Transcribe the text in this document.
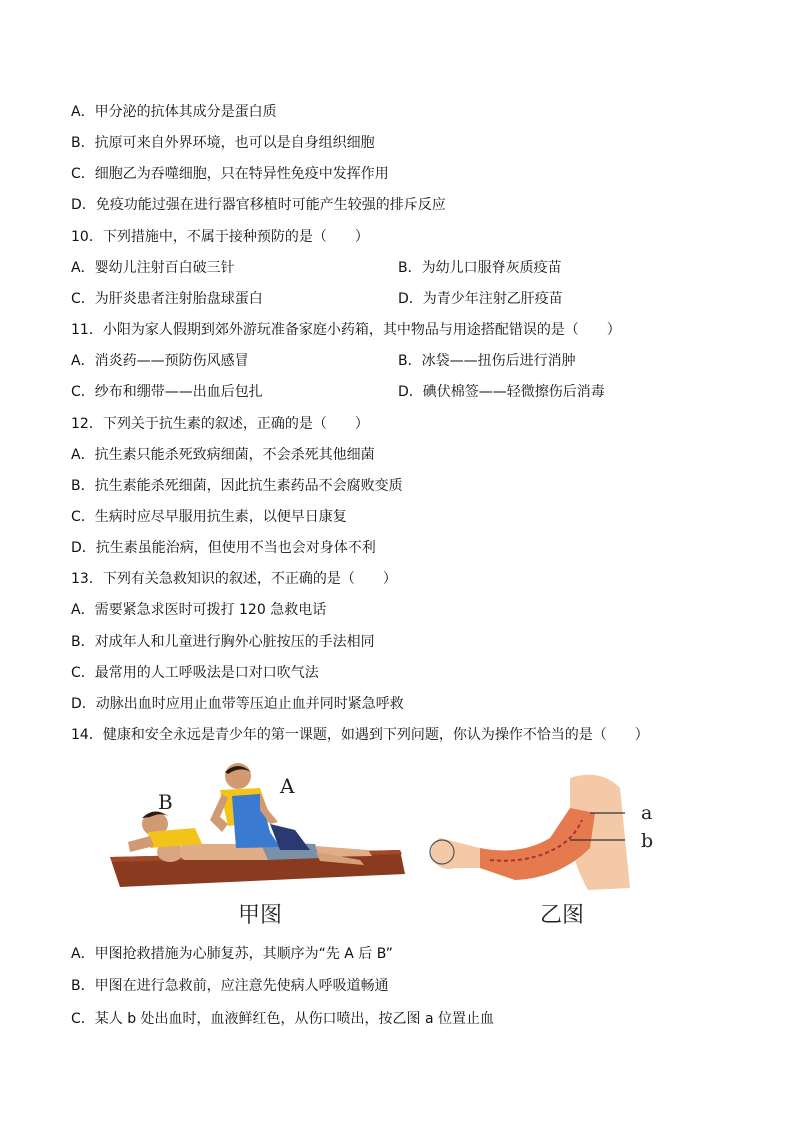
A．甲分泌的抗体其成分是蛋白质
B．抗原可来自外界环境，也可以是自身组织细胞
C．细胞乙为吞噬细胞，只在特异性免疫中发挥作用
D．免疫功能过强在进行器官移植时可能产生较强的排斥反应
10．下列措施中，不属于接种预防的是（　　）
A．婴幼儿注射百白破三针	B．为幼儿口服脊灰质疫苗
C．为肝炎患者注射胎盘球蛋白	D．为青少年注射乙肝疫苗
11．小阳为家人假期到郊外游玩准备家庭小药箱，其中物品与用途搭配错误的是（　　）
A．消炎药——预防伤风感冒	B．冰袋——扭伤后进行消肿
C．纱布和绷带——出血后包扎	D．碘伏棉签——轻微擦伤后消毒
12．下列关于抗生素的叙述，正确的是（　　）
A．抗生素只能杀死致病细菌，不会杀死其他细菌
B．抗生素能杀死细菌，因此抗生素药品不会腐败变质
C．生病时应尽早服用抗生素，以便早日康复
D．抗生素虽能治病，但使用不当也会对身体不利
13．下列有关急救知识的叙述，不正确的是（　　）
A．需要紧急求医时可拨打 120 急救电话
B．对成年人和儿童进行胸外心脏按压的手法相同
C．最常用的人工呼吸法是口对口吹气法
D．动脉出血时应用止血带等压迫止血并同时紧急呼救
14．健康和安全永远是青少年的第一课题，如遇到下列问题，你认为操作不恰当的是（　　）
B
A
甲图
a
b
乙图
A．甲图抢救措施为心肺复苏，其顺序为“先 A 后 B”
B．甲图在进行急救前，应注意先使病人呼吸道畅通
C．某人 b 处出血时，血液鲜红色，从伤口喷出，按乙图 a 位置止血
